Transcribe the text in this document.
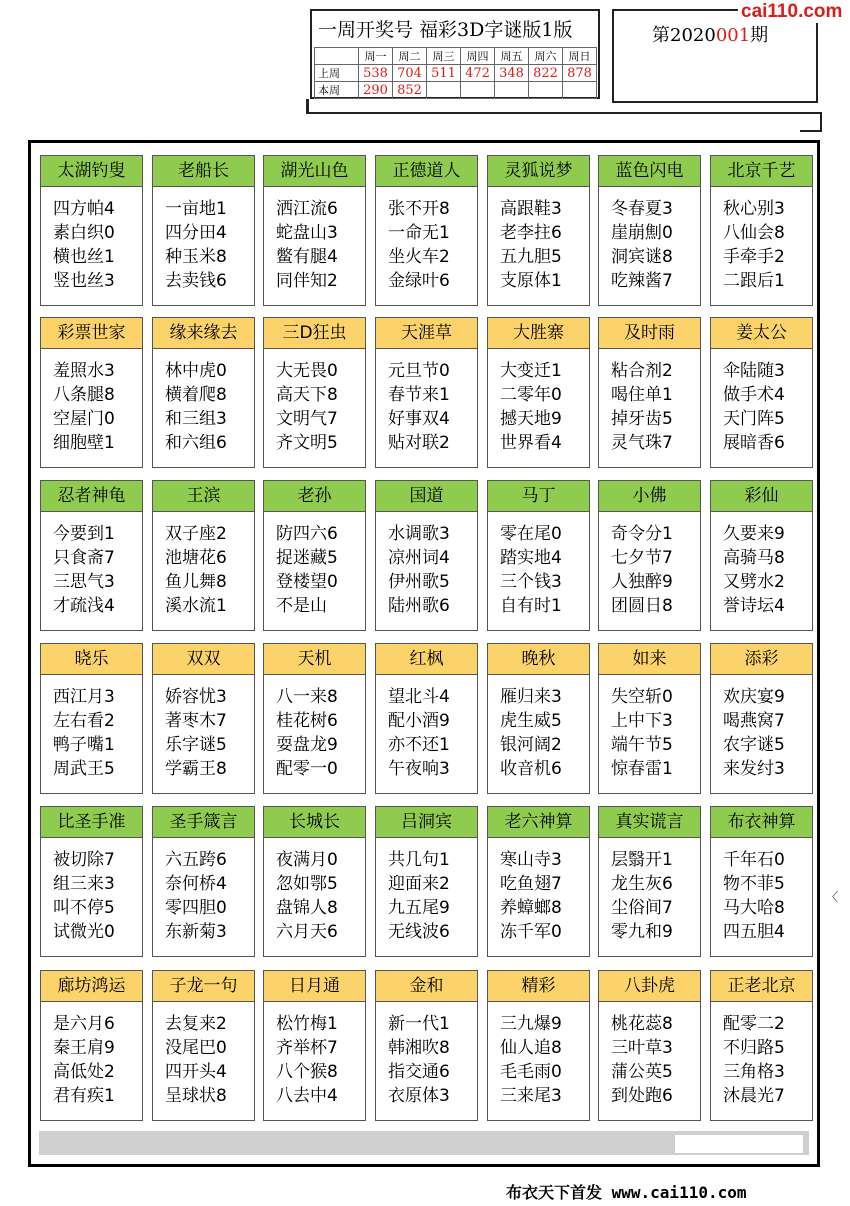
一周开奖号 福彩3D字谜版1版
	周一	周二	周三	周四	周五	周六	周日
上周	538	704	511	472	348	822	878
本周	290	852					
第2020001期
cai110.com
太湖钓叟
四方帕4
素白织0
横也丝1
竖也丝3
老船长
一亩地1
四分田4
种玉米8
去卖钱6
湖光山色
洒江流6
蛇盘山3
鳖有腿4
同伴知2
正德道人
张不开8
一命无1
坐火车2
金绿叶6
灵狐说梦
高跟鞋3
老李拄6
五九胆5
支原体1
蓝色闪电
冬春夏3
崖崩劁0
洞宾谜8
吃辣酱7
北京千艺
秋心别3
八仙会8
手牵手2
二跟后1
彩票世家
羞照水3
八条腿8
空屋门0
细胞壁1
缘来缘去
林中虎0
横着爬8
和三组3
和六组6
三D狂虫
大无畏0
高天下8
文明气7
齐文明5
天涯草
元旦节0
春节来1
好事双4
贴对联2
大胜寨
大变迁1
二零年0
撼天地9
世界看4
及时雨
粘合剂2
喝住单1
掉牙齿5
灵气珠7
姜太公
伞陆随3
做手术4
天门阵5
展暗香6
忍者神龟
今要到1
只食斋7
三思气3
才疏浅4
王滨
双子座2
池塘花6
鱼儿舞8
溪水流1
老孙
防四六6
捉迷藏5
登楼望0
不是山
国道
水调歌3
凉州词4
伊州歌5
陆州歌6
马丁
零在尾0
踏实地4
三个钱3
自有时1
小佛
奇令分1
七夕节7
人独醉9
团圆日8
彩仙
久要来9
高骑马8
又劈水2
誉诗坛4
晓乐
西江月3
左右看2
鸭子嘴1
周武王5
双双
娇容忧3
著枣木7
乐字谜5
学霸王8
天机
八一来8
桂花树6
耍盘龙9
配零一0
红枫
望北斗4
配小酒9
亦不还1
午夜响3
晚秋
雁归来3
虎生威5
银河阔2
收音机6
如来
失空斩0
上中下3
端午节5
惊春雷1
添彩
欢庆宴9
喝燕窝7
农字谜5
来发纣3
比圣手准
被切除7
组三来3
叫不停5
试微光0
圣手箴言
六五跨6
奈何桥4
零四胆0
东新菊3
长城长
夜满月0
忽如鄂5
盘锦人8
六月天6
吕洞宾
共几句1
迎面来2
九五尾9
无线波6
老六神算
寒山寺3
吃鱼翅7
养蟑螂8
冻千军0
真实谎言
层翳开1
龙生灰6
尘俗间7
零九和9
布衣神算
千年石0
物不菲5
马大哈8
四五胆4
廊坊鸿运
是六月6
秦王肩9
高低处2
君有疾1
子龙一句
去复来2
没尾巴0
四开头4
呈球状8
日月通
松竹梅1
齐举杯7
八个猴8
八去中4
金和
新一代1
韩湘吹8
指交通6
衣原体3
精彩
三九爆9
仙人追8
毛毛雨0
三来尾3
八卦虎
桃花蕊8
三叶草3
蒲公英5
到处跑6
正老北京
配零二2
不归路5
三角格3
沐晨光7
〈
布衣天下首发 www.cai110.com
